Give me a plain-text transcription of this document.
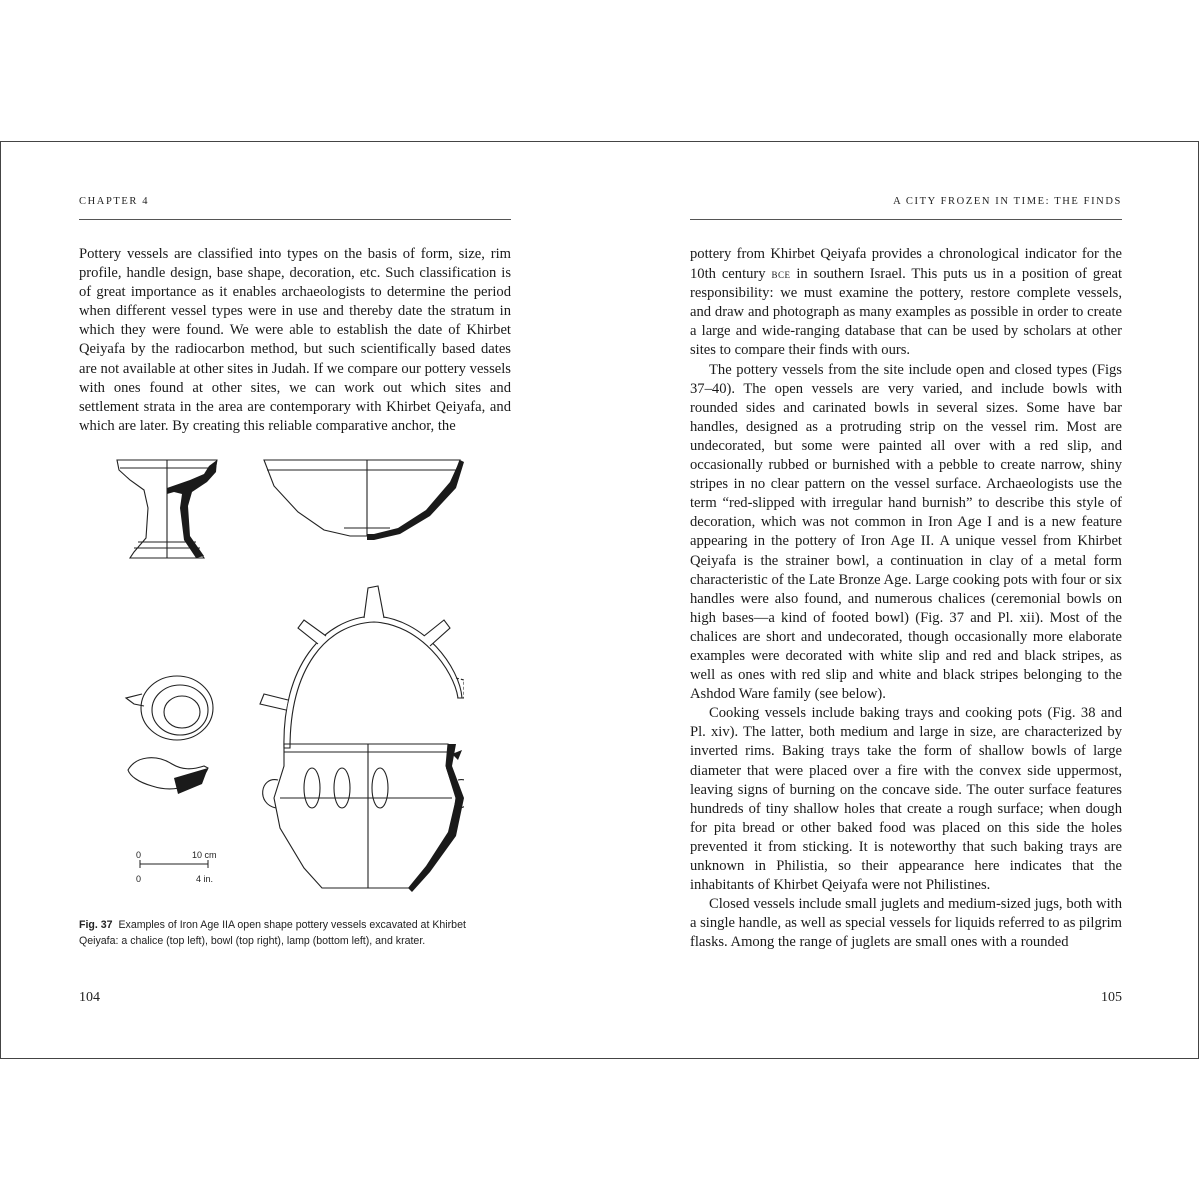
CHAPTER 4

Pottery vessels are classified into types on the basis of form, size, rim profile, handle design, base shape, decoration, etc. Such classification is of great importance as it enables archaeologists to determine the period when different vessel types were in use and thereby date the stratum in which they were found. We were able to establish the date of Khirbet Qeiyafa by the radiocarbon method, but such scientifically based dates are not available at other sites in Judah. If we compare our pottery vessels with ones found at other sites, we can work out which sites and settlement strata in the area are contemporary with Khirbet Qeiyafa, and which are later. By creating this reliable comparative anchor, the

0	10 cm
0	4 in.
Fig. 37 Examples of Iron Age IIA open shape pottery vessels excavated at Khirbet Qeiyafa: a chalice (top left), bowl (top right), lamp (bottom left), and krater.
104
A CITY FROZEN IN TIME: THE FINDS

pottery from Khirbet Qeiyafa provides a chronological indicator for the 10th century bce in southern Israel. This puts us in a position of great responsibility: we must examine the pottery, restore complete vessels, and draw and photograph as many examples as possible in order to create a large and wide-ranging database that can be used by scholars at other sites to compare their finds with ours.

The pottery vessels from the site include open and closed types (Figs 37–40). The open vessels are very varied, and include bowls with rounded sides and carinated bowls in several sizes. Some have bar handles, designed as a protruding strip on the vessel rim. Most are undecorated, but some were painted all over with a red slip, and occasionally rubbed or burnished with a pebble to create narrow, shiny stripes in no clear pattern on the vessel surface. Archaeologists use the term “red-slipped with irregular hand burnish” to describe this style of decoration, which was not common in Iron Age I and is a new feature appearing in the pottery of Iron Age II. A unique vessel from Khirbet Qeiyafa is the strainer bowl, a continuation in clay of a metal form characteristic of the Late Bronze Age. Large cooking pots with four or six handles were also found, and numerous chalices (ceremonial bowls on high bases—a kind of footed bowl) (Fig. 37 and Pl. xii). Most of the chalices are short and undecorated, though occasionally more elaborate examples were decorated with white slip and red and black stripes, as well as ones with red slip and white and black stripes belonging to the Ashdod Ware family (see below).

Cooking vessels include baking trays and cooking pots (Fig. 38 and Pl. xiv). The latter, both medium and large in size, are characterized by inverted rims. Baking trays take the form of shallow bowls of large diameter that were placed over a fire with the convex side uppermost, leaving signs of burning on the concave side. The outer surface features hundreds of tiny shallow holes that create a rough surface; when dough for pita bread or other baked food was placed on this side the holes prevented it from sticking. It is noteworthy that such baking trays are unknown in Philistia, so their appearance here indicates that the inhabitants of Khirbet Qeiyafa were not Philistines.

Closed vessels include small juglets and medium-sized jugs, both with a single handle, as well as special vessels for liquids referred to as pilgrim flasks. Among the range of juglets are small ones with a rounded

105
